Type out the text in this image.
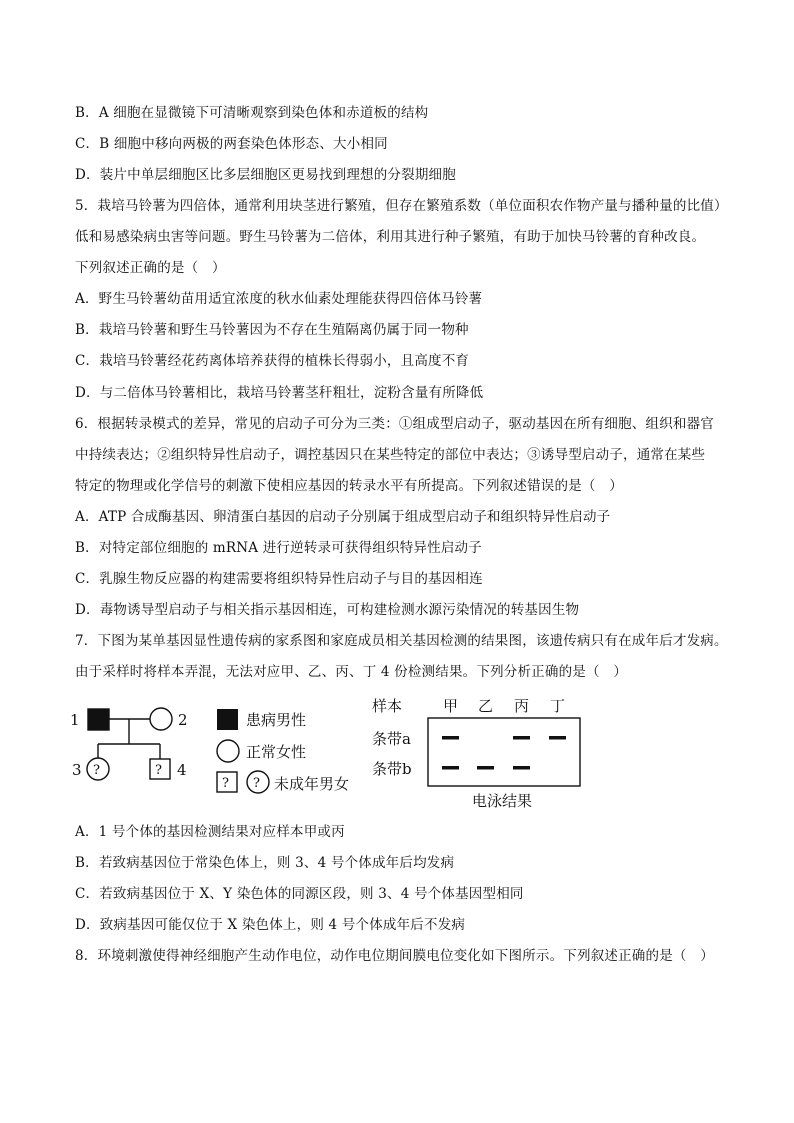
B．A 细胞在显微镜下可清晰观察到染色体和赤道板的结构
C．B 细胞中移向两极的两套染色体形态、大小相同
D．装片中单层细胞区比多层细胞区更易找到理想的分裂期细胞
5．栽培马铃薯为四倍体，通常利用块茎进行繁殖，但存在繁殖系数（单位面积农作物产量与播种量的比值）
低和易感染病虫害等问题。野生马铃薯为二倍体，利用其进行种子繁殖，有助于加快马铃薯的育种改良。
下列叙述正确的是（　）
A．野生马铃薯幼苗用适宜浓度的秋水仙素处理能获得四倍体马铃薯
B．栽培马铃薯和野生马铃薯因为不存在生殖隔离仍属于同一物种
C．栽培马铃薯经花药离体培养获得的植株长得弱小，且高度不育
D．与二倍体马铃薯相比，栽培马铃薯茎秆粗壮，淀粉含量有所降低
6．根据转录模式的差异，常见的启动子可分为三类：①组成型启动子，驱动基因在所有细胞、组织和器官
中持续表达；②组织特异性启动子，调控基因只在某些特定的部位中表达；③诱导型启动子，通常在某些
特定的物理或化学信号的刺激下使相应基因的转录水平有所提高。下列叙述错误的是（　）
A．ATP 合成酶基因、卵清蛋白基因的启动子分别属于组成型启动子和组织特异性启动子
B．对特定部位细胞的 mRNA 进行逆转录可获得组织特异性启动子
C．乳腺生物反应器的构建需要将组织特异性启动子与目的基因相连
D．毒物诱导型启动子与相关指示基因相连，可构建检测水源污染情况的转基因生物
7．下图为某单基因显性遗传病的家系图和家庭成员相关基因检测的结果图，该遗传病只有在成年后才发病。
由于采样时将样本弄混，无法对应甲、乙、丙、丁 4 份检测结果。下列分析正确的是（　）
1	2
3	4
?	?
患病男性
正常女性
? ? 未成年男女
样本	甲 乙 丙 丁
条带a
条带b
电泳结果
A．1 号个体的基因检测结果对应样本甲或丙
B．若致病基因位于常染色体上，则 3、4 号个体成年后均发病
C．若致病基因位于 X、Y 染色体的同源区段，则 3、4 号个体基因型相同
D．致病基因可能仅位于 X 染色体上，则 4 号个体成年后不发病
8．环境刺激使得神经细胞产生动作电位，动作电位期间膜电位变化如下图所示。下列叙述正确的是（　）
